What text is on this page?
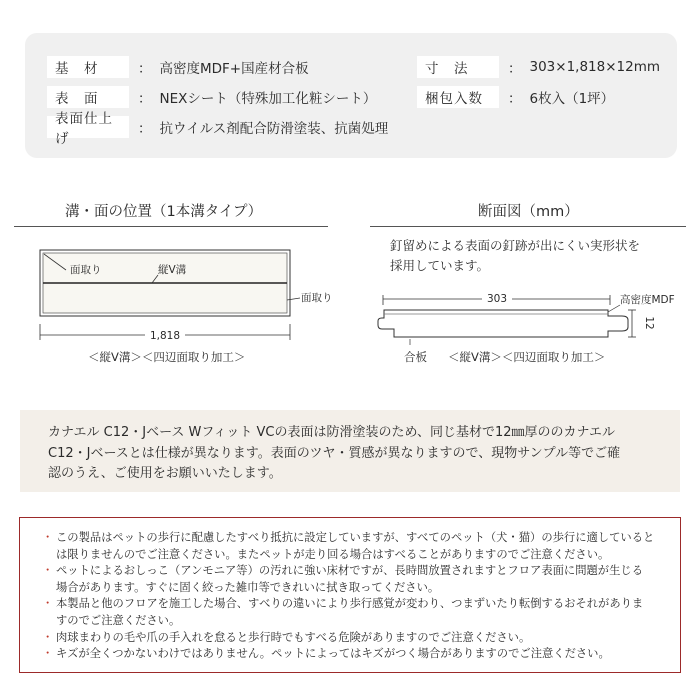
基　材	： 高密度MDF+国産材合板
表　面	： NEXシート（特殊加工化粧シート）
表面仕上げ
： 抗ウイルス剤配合防滑塗装、抗菌処理
寸　法	： 303×1,818×12mm
梱包入数	： 6枚入（1坪）
溝・面の位置（1本溝タイプ）
面取り	縦V溝
面取り
1,818
＜縦V溝＞＜四辺面取り加工＞
断面図（mm）
釘留めによる表面の釘跡が出にくい実形状を
採用しています。
303	高密度MDF
12
合板 ＜縦V溝＞＜四辺面取り加工＞
カナエル C12・Jベース Wフィット VCの表面は防滑塗装のため、同じ基材で12㎜厚ののカナエル
C12・Jベースとは仕様が異なります。表面のツヤ・質感が異なりますので、現物サンプル等でご確
認のうえ、ご使用をお願いいたします。
・ この製品はペットの歩行に配慮したすべり抵抗に設定していますが、すべてのペット（犬・猫）の歩行に適していると
は限りませんのでご注意ください。またペットが走り回る場合はすべることがありますのでご注意ください。
・ ペットによるおしっこ（アンモニア等）の汚れに強い床材ですが、長時間放置されますとフロア表面に問題が生じる
場合があります。すぐに固く絞った雑巾等できれいに拭き取ってください。
・ 本製品と他のフロアを施工した場合、すべりの違いにより歩行感覚が変わり、つまずいたり転倒するおそれがありま
すのでご注意ください。
・ 肉球まわりの毛や爪の手入れを怠ると歩行時でもすべる危険がありますのでご注意ください。
・ キズが全くつかないわけではありません。ペットによってはキズがつく場合がありますのでご注意ください。
